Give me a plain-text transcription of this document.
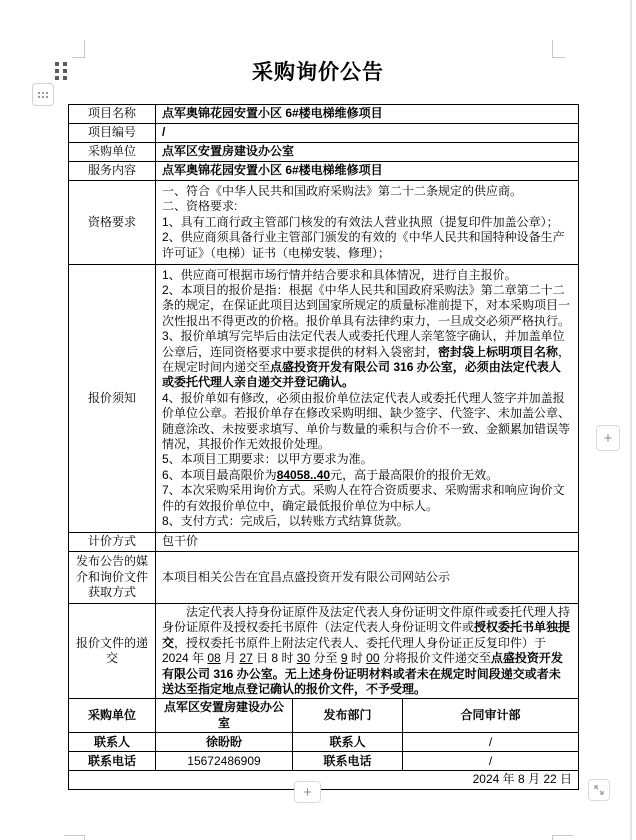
采购询价公告
项目名称	点军奥锦花园安置小区 6#楼电梯维修项目		
项目编号	/		
采购单位	点军区安置房建设办公室		
服务内容	点军奥锦花园安置小区 6#楼电梯维修项目		
资格要求	一、符合《中华人民共和国政府采购法》第二十二条规定的供应商。
二、资格要求:
1、具有工商行政主管部门核发的有效法人营业执照（提复印件加盖公章）；
2、供应商须具备行业主管部门颁发的有效的《中华人民共和国特种设备生产许可证》（电梯）证书（电梯安装、修理）；		

报价须知	
1、供应商可根据市场行情并结合要求和具体情况，进行自主报价。
2、本项目的报价是指：根据《中华人民共和国政府采购法》第二章第二十二条的规定，在保证此项目达到国家所规定的质量标准前提下，对本采购项目一次性报出不得更改的价格。报价单具有法律约束力，一旦成交必须严格执行。
3、报价单填写完毕后由法定代表人或委托代理人亲笔签字确认，并加盖单位公章后，连同资格要求中要求提供的材料入袋密封，密封袋上标明项目名称，在规定时间内递交至点盛投资开发有限公司 316 办公室，必须由法定代表人或委托代理人亲自递交并登记确认。
4、报价单如有修改，必须由报价单位法定代表人或委托代理人签字并加盖报价单位公章。若报价单存在修改采购明细、缺少签字、代签字、未加盖公章、随意涂改、未按要求填写、单价与数量的乘积与合价不一致、金额累加错误等情况，其报价作无效报价处理。
5、本项目工期要求：以甲方要求为准。
6、本项目最高限价为84058..40元，高于最高限价的报价无效。
7、本次采购采用询价方式。采购人在符合资质要求、采购需求和响应询价文件的有效报价单位中，确定最低报价单位为中标人。
8、支付方式：完成后，以转账方式结算货款。

计价方式	包干价		
发布公告的媒介和询价文件获取方式	本项目相关公告在宜昌点盛投资开发有限公司网站公示		

报价文件的递交	法定代表人持身份证原件及法定代表人身份证明文件原件或委托代理人持身份证原件及授权委托书原件（法定代表人身份证明文件或授权委托书单独提交，授权委托书原件上附法定代表人、委托代理人身份证正反复印件）于 2024 年 08 月 27 日 8 时 30 分至 9 时 00 分将报价文件递交至点盛投资开发有限公司 316 办公室。无上述身份证明材料或者未在规定时间段递交或者未送达至指定地点登记确认的报价文件，不予受理。		

采购单位	点军区安置房建设办公室	发布部门	合同审计部
联系人	徐盼盼	联系人	/
联系电话	15672486909	联系电话	/
2024 年 8 月 22 日			
+
+
